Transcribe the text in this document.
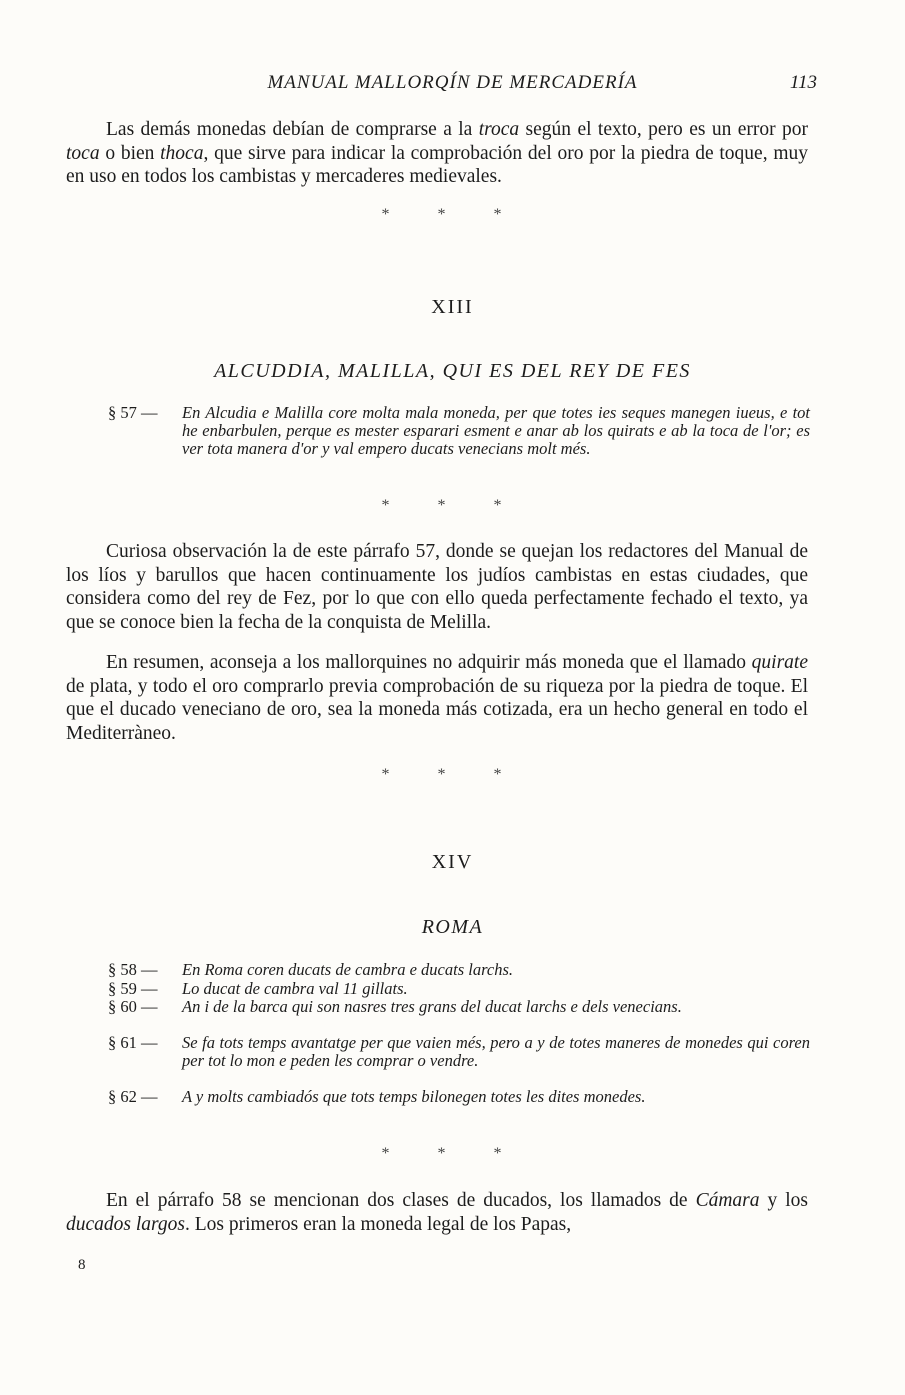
MANUAL MALLORQÍN DE MERCADERÍA	113

Las demás monedas debían de comprarse a la troca según el texto, pero es un error por toca o bien thoca, que sirve para indicar la comprobación del oro por la piedra de toque, muy en uso en todos los cambistas y mercaderes medievales.

* * *
XIII
ALCUDDIA, MALILLA, QUI ES DEL REY DE FES
§ 57 —	En Alcudia e Malilla core molta mala moneda, per que totes ies seques manegen iueus, e tot he enbarbulen, perque es mester esparari esment e anar ab los quirats e ab la toca de l'or; es ver tota manera d'or y val empero ducats venecians molt més.
* * *

Curiosa observación la de este párrafo 57, donde se quejan los redactores del Manual de los líos y barullos que hacen continuamente los judíos cambistas en estas ciudades, que considera como del rey de Fez, por lo que con ello queda perfectamente fechado el texto, ya que se conoce bien la fecha de la conquista de Melilla.

En resumen, aconseja a los mallorquines no adquirir más moneda que el llamado quirate de plata, y todo el oro comprarlo previa comprobación de su riqueza por la piedra de toque. El que el ducado veneciano de oro, sea la moneda más cotizada, era un hecho general en todo el Mediterràneo.

* * *
XIV
ROMA
§ 58 —	En Roma coren ducats de cambra e ducats larchs.
§ 59 —	Lo ducat de cambra val 11 gillats.
§ 60 —	An i de la barca qui son nasres tres grans del ducat larchs e dels venecians.
§ 61 —	Se fa tots temps avantatge per que vaien més, pero a y de totes maneres de monedes qui coren per tot lo mon e peden les comprar o vendre.
§ 62 —	A y molts cambiadós que tots temps bilonegen totes les dites monedes.
* * *

En el párrafo 58 se mencionan dos clases de ducados, los llamados de Cámara y los ducados largos. Los primeros eran la moneda legal de los Papas,

8
